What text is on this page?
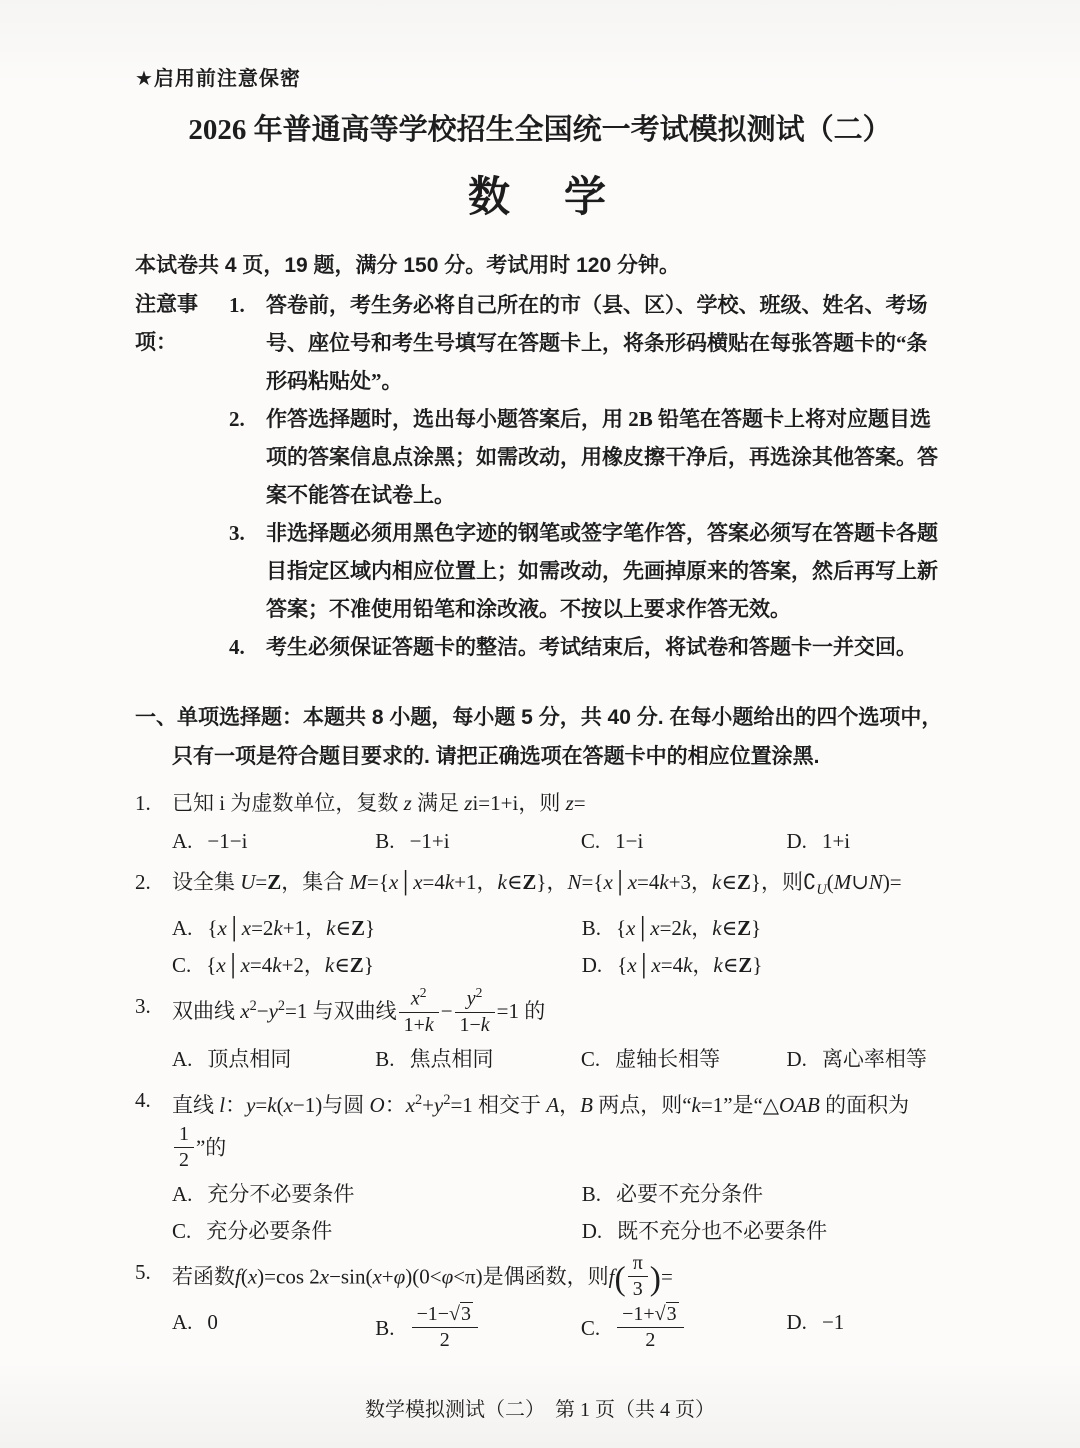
★启用前注意保密
2026 年普通高等学校招生全国统一考试模拟测试（二）
数　学

本试卷共 4 页，19 题，满分 150 分。考试用时 120 分钟。

注意事项：
1.	答卷前，考生务必将自己所在的市（县、区）、学校、班级、姓名、考场号、座位号和考生号填写在答题卡上，将条形码横贴在每张答题卡的“条形码粘贴处”。
2.	作答选择题时，选出每小题答案后，用 2B 铅笔在答题卡上将对应题目选项的答案信息点涂黑；如需改动，用橡皮擦干净后，再选涂其他答案。答案不能答在试卷上。
3.	非选择题必须用黑色字迹的钢笔或签字笔作答，答案必须写在答题卡各题目指定区域内相应位置上；如需改动，先画掉原来的答案，然后再写上新答案；不准使用铅笔和涂改液。不按以上要求作答无效。
4.	考生必须保证答题卡的整洁。考试结束后，将试卷和答题卡一并交回。
一、单项选择题：本题共 8 小题，每小题 5 分，共 40 分. 在每小题给出的四个选项中，只有一项是符合题目要求的. 请把正确选项在答题卡中的相应位置涂黑.
1.	已知 i 为虚数单位，复数 z 满足 zi=1+i，则 z=
A. −1−i	B. −1+i	C. 1−i	D. 1+i
2.	设全集 U=Z，集合 M={x│x=4k+1，k∈Z}，N={x│x=4k+3，k∈Z}，则$∁_U(M\cup N)=$
A. {x│x=2k+1，k∈Z}	B. {x│x=2k，k∈Z}
C. {x│x=4k+2，k∈Z}	D. {x│x=4k，k∈Z}
3.	双曲线 $x^2-y^2=1$ 与双曲线 $\frac{x^2}{1+k} - \frac{y^2}{1-k} =1$ 的
A. 顶点相同	B. 焦点相同	C. 虚轴长相等	D. 离心率相等
4.	直线 l：y=k(x−1)与圆 O：$x^2+y^2=1$ 相交于 A，B 两点，则“k=1”是“△OAB 的面积为

$\frac{1}{2}$ ”的
A. 充分不必要条件	B. 必要不充分条件
C. 充分必要条件	D. 既不充分也不必要条件
5.	若函数f(x)=cos 2x−sin(x+φ)(0<φ<π)是偶函数，则$f( \frac{\pi}{3}$ )=
A. 0	B. $\frac{-1-√3}{2}$	C. $\frac{-1+√3}{2}$	D. −1
数学模拟测试（二）　第 1 页（共 4 页）
